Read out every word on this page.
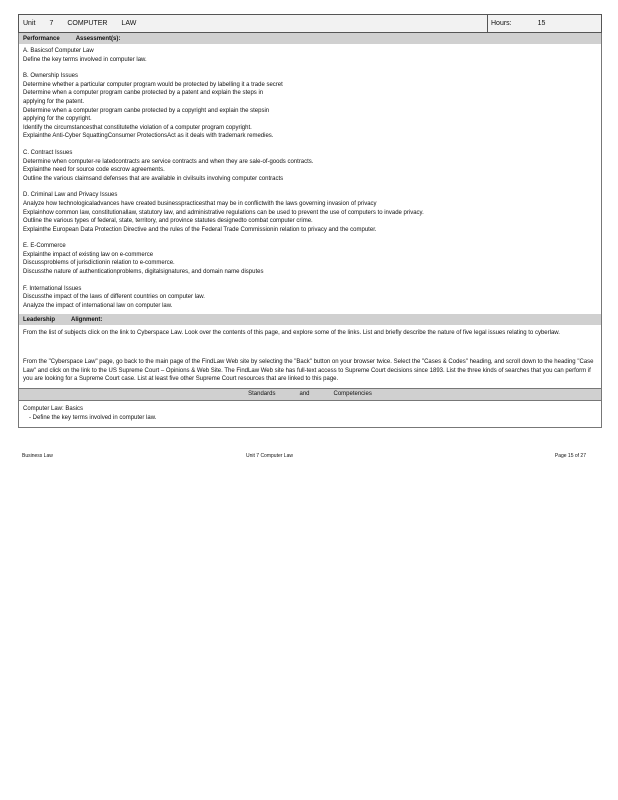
Unit 7 COMPUTER LAW	Hours:	15
Performance	Assessment(s):
A. Basicsof Computer Law
Define the key terms involved in computer law.
B. Ownership Issues
Determine whether a particular computer program would be protected by labelling it a trade secret
Determine when a computer program canbe protected by a patent and explain the steps in
applying for the patent.
Determine when a computer program canbe protected by a copyright and explain the stepsin
applying for the copyright.
Identify the circumstancesthat constitutethe violation of a computer program copyright.
Explainthe Anti-Cyber SquattingConsumer ProtectionsAct as it deals with trademark remedies.
C. Contract Issues
Determine when computer-re latedcontracts are service contracts and when they are sale-of-goods contracts.
Explainthe need for source code escrow agreements.
Outline the various claimsand defenses that are available in civilsuits involving computer contracts
D. Criminal Law and Privacy Issues
Analyze how technologicaladvances have created businesspracticesthat may be in conflictwith the laws governing invasion of privacy
Explainhow common law, constitutionallaw, statutory law, and administrative regulations can be used to prevent the use of computers to invade privacy.
Outline the various types of federal, state, territory, and province statutes designedto combat computer crime.
Explainthe European Data Protection Directive and the rules of the Federal Trade Commissionin relation to privacy and the computer.
E. E-Commerce
Explainthe impact of existing law on e-commerce
Discussproblems of jurisdictionin relation to e-commerce.
Discussthe nature of authenticationproblems, digitalsignatures, and domain name disputes
F. International Issues
Discussthe impact of the laws of different countries on computer law.
Analyze the impact of international law on computer law.
Leadership	Alignment:

From the list of subjects click on the link to Cyberspace Law. Look over the contents of this page, and explore some of the links. List and briefly describe the nature of five legal issues relating to cyberlaw.

From the "Cyberspace Law" page, go back to the main page of the FindLaw Web site by selecting the "Back" button on your browser twice. Select the "Cases & Codes" heading, and scroll down to the heading "Case Law" and click on the link to the US Supreme Court – Opinions & Web Site. The FindLaw Web site has full-text access to Supreme Court decisions since 1893. List the three kinds of searches that you can perform if you are looking for a Supreme Court case. List at least five other Supreme Court resources that are linked to this page.

Standards	and	Competencies
Computer Law: Basics
- Define the key terms involved in computer law.
Business Law	Unit 7 Computer Law	Page 15 of 27
